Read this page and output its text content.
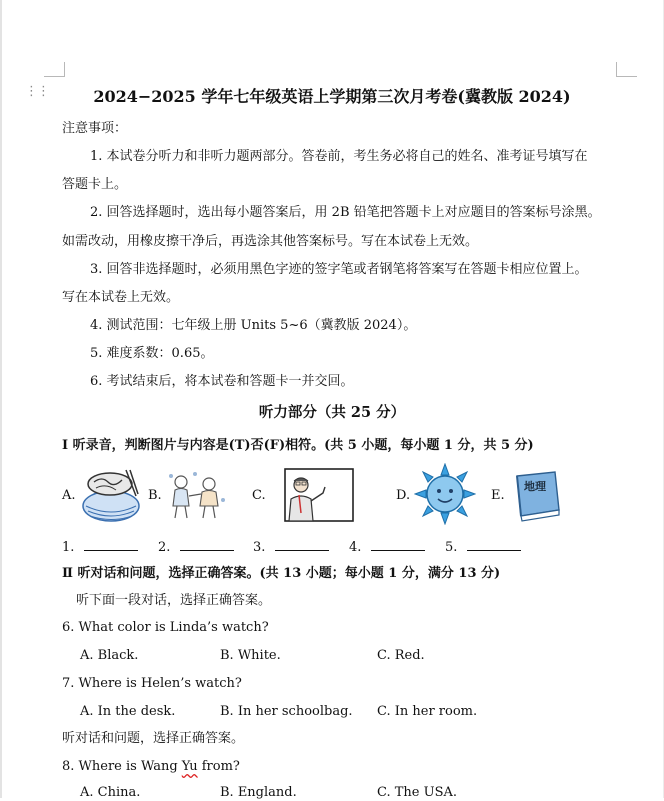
⋮⋮	2024−2025 学年七年级英语上学期第三次月考卷(冀教版 2024)
注意事项：
1. 本试卷分听力和非听力题两部分。答卷前，考生务必将自己的姓名、准考证号填写在
答题卡上。
2. 回答选择题时，选出每小题答案后，用 2B 铅笔把答题卡上对应题目的答案标号涂黑。
如需改动，用橡皮擦干净后，再选涂其他答案标号。写在本试卷上无效。
3. 回答非选择题时，必须用黑色字迹的签字笔或者钢笔将答案写在答题卡相应位置上。
写在本试卷上无效。
4. 测试范围：七年级上册 Units 5~6（冀教版 2024）。
5. 难度系数：0.65。
6. 考试结束后，将本试卷和答题卡一并交回。
听力部分（共 25 分）
Ⅰ 听录音，判断图片与内容是(T)否(F)相符。(共 5 小题，每小题 1 分，共 5 分)
A.	B.	C.	D.	E.
地理
1.	2.	3.	4.	5.
Ⅱ 听对话和问题，选择正确答案。(共 13 小题；每小题 1 分，满分 13 分)
听下面一段对话，选择正确答案。
6. What color is Linda’s watch?
A. Black.	B. White.	C. Red.
7. Where is Helen’s watch?
A. In the desk.	B. In her schoolbag. C. In her room.
听对话和问题，选择正确答案。
8. Where is Wang Yu from?
A. China.	B. England.	C. The USA.
